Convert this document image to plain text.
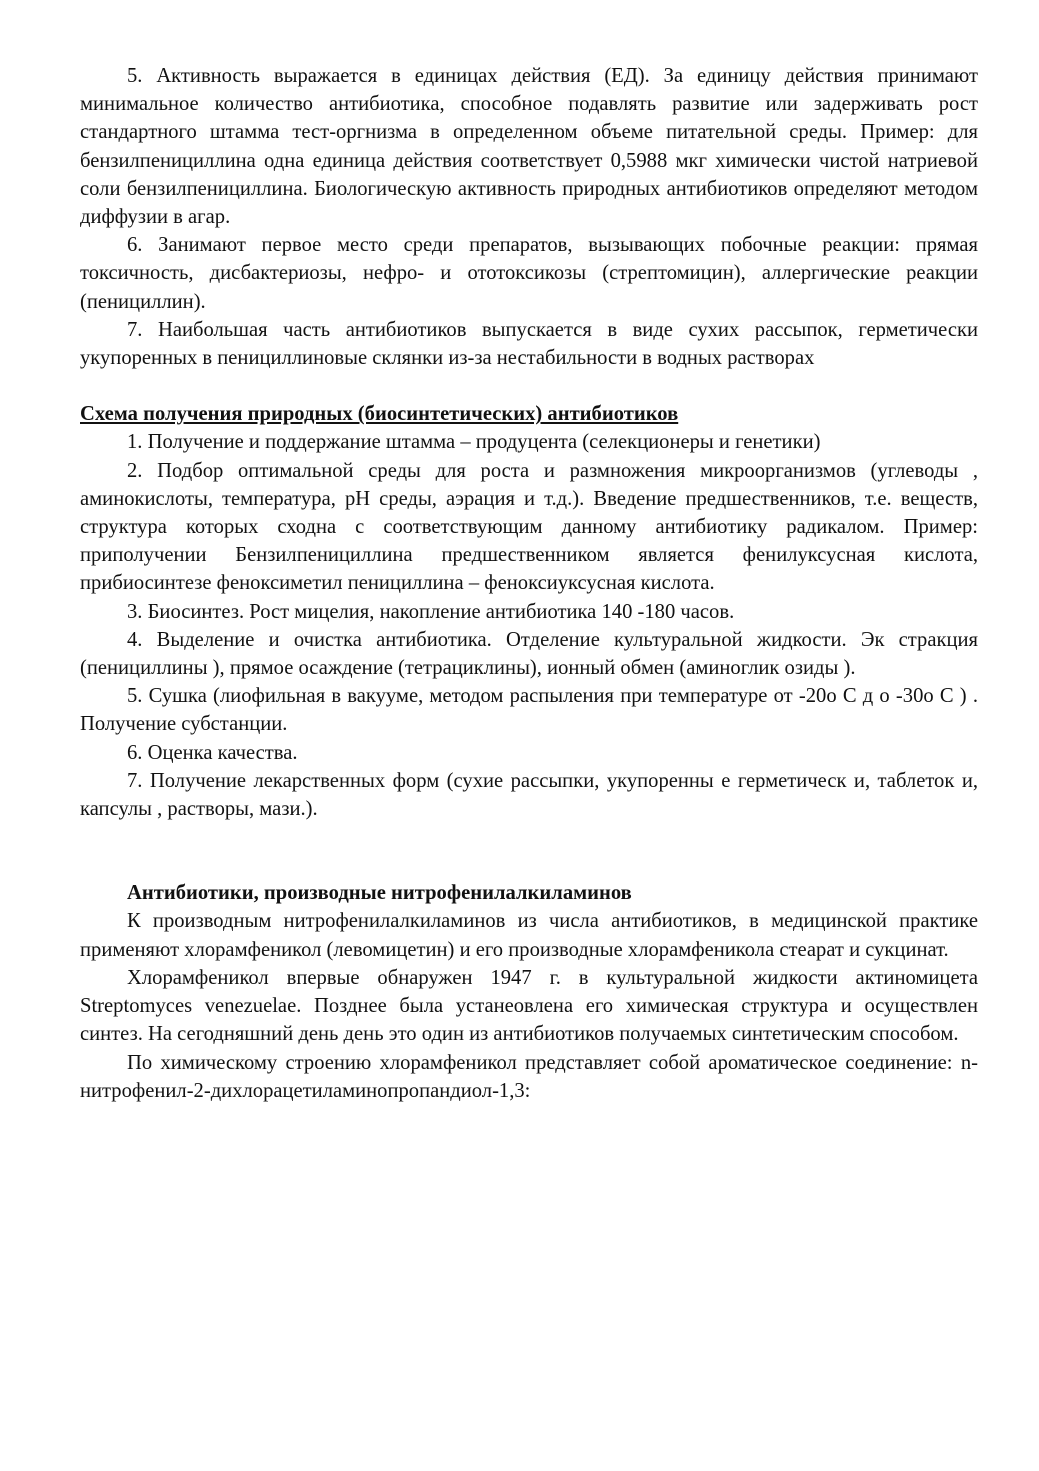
5. Активность выражается в единицах действия (ЕД). За единицу действия принимают минимальное количество антибиотика, способное подавлять развитие или задерживать рост стандартного штамма тест-оргнизма в определенном объеме питательной среды. Пример: для бензилпенициллина одна единица действия соответствует 0,5988 мкг химически чистой натриевой соли бензилпенициллина. Биологическую активность природных антибиотиков определяют методом диффузии в агар.

6. Занимают первое место среди препаратов, вызывающих побочные реакции: прямая токсичность, дисбактериозы, нефро- и ототоксикозы (стрептомицин), аллергические реакции (пенициллин).

7. Наибольшая часть антибиотиков выпускается в виде сухих рассыпок, герметически укупоренных в пенициллиновые склянки из-за нестабильности в водных растворах

Схема получения природных (биосинтетических) антибиотиков

1. Получение и поддержание штамма – продуцента (селекционеры и генетики)

2. Подбор оптимальной среды для роста и размножения микроорганизмов (углеводы , аминокислоты, температура, pH среды, аэрация и т.д.). Введение предшественников, т.е. веществ, структура которых сходна с соответствующим данному антибиотику радикалом. Пример: приполучении Бензилпенициллина предшественником является фенилуксусная кислота, прибиосинтезе феноксиметил пенициллина – феноксиуксусная кислота.

3. Биосинтез. Рост мицелия, накопление антибиотика 140 -180 часов.

4. Выделение и очистка антибиотика. Отделение культуральной жидкости. Эк стракция (пенициллины ), прямое осаждение (тетрациклины), ионный обмен (аминоглик озиды ).

5. Сушка (лиофильная в вакууме, методом распыления при температуре от -20о С д о -30о С ) . Получение субстанции.

6. Оценка качества.

7. Получение лекарственных форм (сухие рассыпки, укупоренны е герметическ и, таблеток и, капсулы , растворы, мази.).

Антибиотики, производные нитрофенилалкиламинов

К производным нитрофенилалкиламинов из числа антибиотиков, в медицинской практике применяют хлорамфеникол (левомицетин) и его производные хлорамфеникола стеарат и сукцинат.

Хлорамфеникол впервые обнаружен 1947 г. в культуральной жидкости актиномицета Streptomyces venezuelae. Позднее была устанеовлена его химическая структура и осуществлен синтез. На сегодняшний день день это один из антибиотиков получаемых синтетическим способом.

По химическому строению хлорамфеникол представляет собой ароматическое соединение: n-нитрофенил-2-дихлорацетиламинопропандиол-1,3:
